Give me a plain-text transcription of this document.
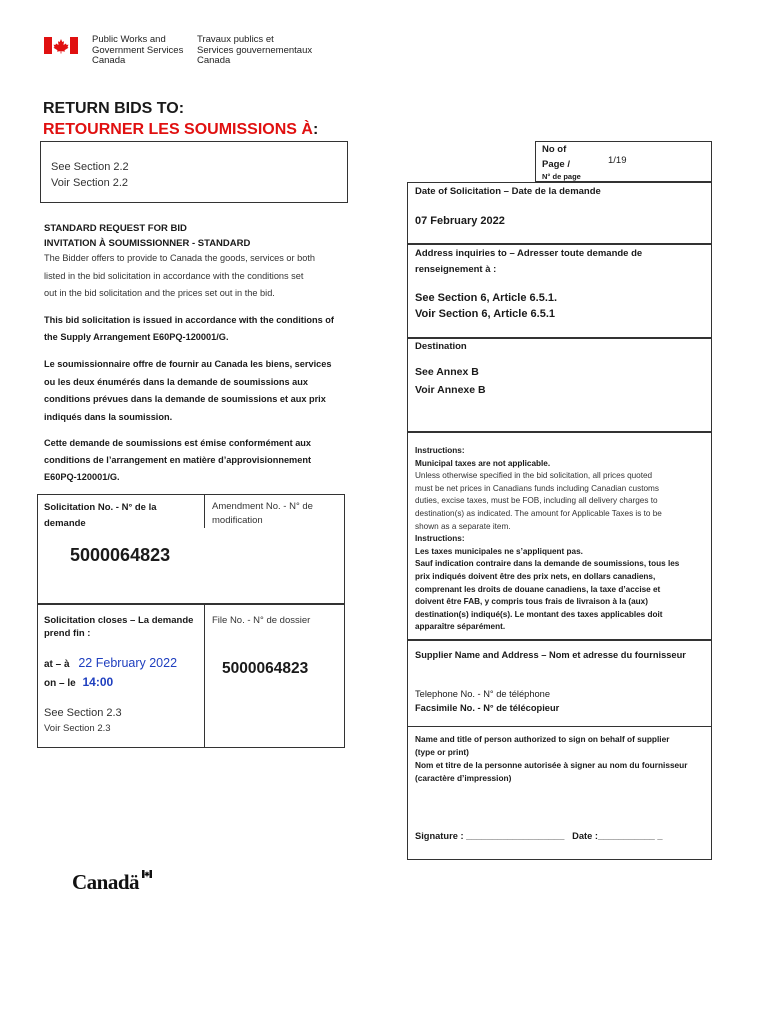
Public Works and
Government Services
Canada
Travaux publics et
Services gouvernementaux
Canada
RETURN BIDS TO:
RETOURNER LES SOUMISSIONS À:
See Section 2.2
Voir Section 2.2
No of
Page /
N° de page
1/19
Date of Solicitation – Date de la demande
07 February 2022
Address inquiries to – Adresser toute demande de
renseignement à :
See Section 6, Article 6.5.1.
Voir Section 6, Article 6.5.1
Destination
See Annex B
Voir Annexe B
STANDARD REQUEST FOR BID
INVITATION À SOUMISSIONNER - STANDARD
The Bidder offers to provide to Canada the goods, services or both
listed in the bid solicitation in accordance with the conditions set
out in the bid solicitation and the prices set out in the bid.
This bid solicitation is issued in accordance with the conditions of
the Supply Arrangement E60PQ-120001/G.
Le soumissionnaire offre de fournir au Canada les biens, services
ou les deux énumérés dans la demande de soumissions aux
conditions prévues dans la demande de soumissions et aux prix
indiqués dans la soumission.
Cette demande de soumissions est émise conformément aux
conditions de l’arrangement en matière d’approvisionnement
E60PQ-120001/G.
Instructions:
Municipal taxes are not applicable.
Unless otherwise specified in the bid solicitation, all prices quoted
must be net prices in Canadians funds including Canadian customs
duties, excise taxes, must be FOB, including all delivery charges to
destination(s) as indicated. The amount for Applicable Taxes is to be
shown as a separate item.
Instructions:
Les taxes municipales ne s’appliquent pas.
Sauf indication contraire dans la demande de soumissions, tous les
prix indiqués doivent être des prix nets, en dollars canadiens,
comprenant les droits de douane canadiens, la taxe d’accise et
doivent être FAB, y compris tous frais de livraison à la (aux)
destination(s) indiqué(s). Le montant des taxes applicables doit
apparaître séparément.
Solicitation No. - N° de la
demande
Amendment No. - N° de
modification
5000064823
Solicitation closes – La demande
prend fin :
at – à 22 February 2022
on – le 14:00
See Section 2.3
Voir Section 2.3
File No. - N° de dossier
5000064823
Supplier Name and Address – Nom et adresse du fournisseur
Telephone No. - N° de téléphone
Facsimile No. - N° de télécopieur
Name and title of person authorized to sign on behalf of supplier
(type or print)
Nom et titre de la personne autorisée à signer au nom du fournisseur
(caractère d’impression)
Signature : ___________________   Date :___________ _
Canadä
